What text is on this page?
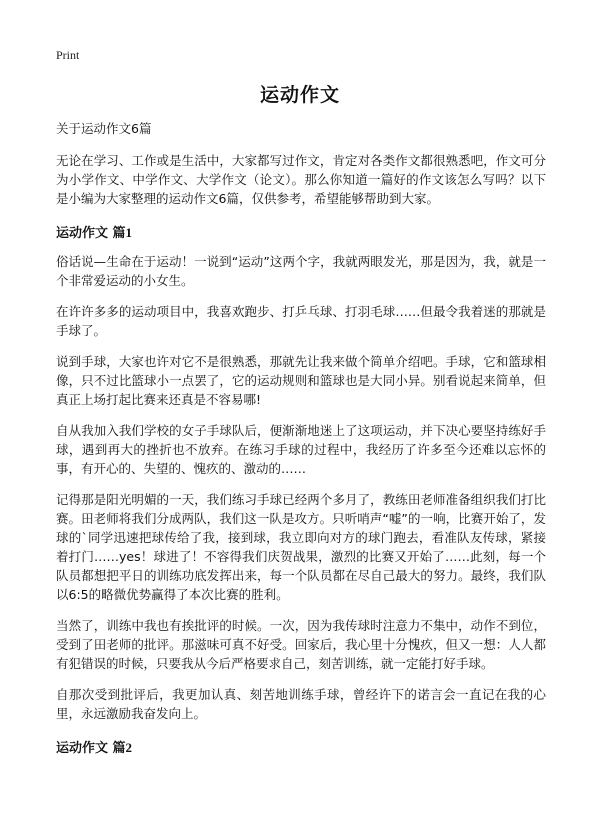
Print
运动作文
关于运动作文6篇

无论在学习、工作或是生活中，大家都写过作文，肯定对各类作文都很熟悉吧，作文可分为小学作文、中学作文、大学作文（论文）。那么你知道一篇好的作文该怎么写吗？以下是小编为大家整理的运动作文6篇，仅供参考，希望能够帮助到大家。

运动作文 篇1

俗话说—生命在于运动！一说到“运动”这两个字，我就两眼发光，那是因为，我，就是一个非常爱运动的小女生。

在许许多多的运动项目中，我喜欢跑步、打乒乓球、打羽毛球……但最令我着迷的那就是手球了。

说到手球，大家也许对它不是很熟悉，那就先让我来做个简单介绍吧。手球，它和篮球相像，只不过比篮球小一点罢了，它的运动规则和篮球也是大同小异。别看说起来简单，但真正上场打起比赛来还真是不容易哪!

自从我加入我们学校的女子手球队后，便渐渐地迷上了这项运动，并下决心要坚持练好手球，遇到再大的挫折也不放弃。在练习手球的过程中，我经历了许多至今还难以忘怀的事，有开心的、失望的、愧疚的、激动的……

记得那是阳光明媚的一天，我们练习手球已经两个多月了，教练田老师准备组织我们打比赛。田老师将我们分成两队，我们这一队是攻方。只听哨声“嘘”的一响，比赛开始了，发球的`同学迅速把球传给了我，接到球，我立即向对方的球门跑去，看准队友传球，紧接着打门……yes！球进了！不容得我们庆贺战果，激烈的比赛又开始了……此刻，每一个队员都想把平日的训练功底发挥出来，每一个队员都在尽自己最大的努力。最终，我们队以6:5的略微优势赢得了本次比赛的胜利。

当然了，训练中我也有挨批评的时候。一次，因为我传球时注意力不集中，动作不到位，受到了田老师的批评。那滋味可真不好受。回家后，我心里十分愧疚，但又一想：人人都有犯错误的时候，只要我从今后严格要求自己，刻苦训练，就一定能打好手球。

自那次受到批评后，我更加认真、刻苦地训练手球，曾经许下的诺言会一直记在我的心里，永远激励我奋发向上。

运动作文 篇2
